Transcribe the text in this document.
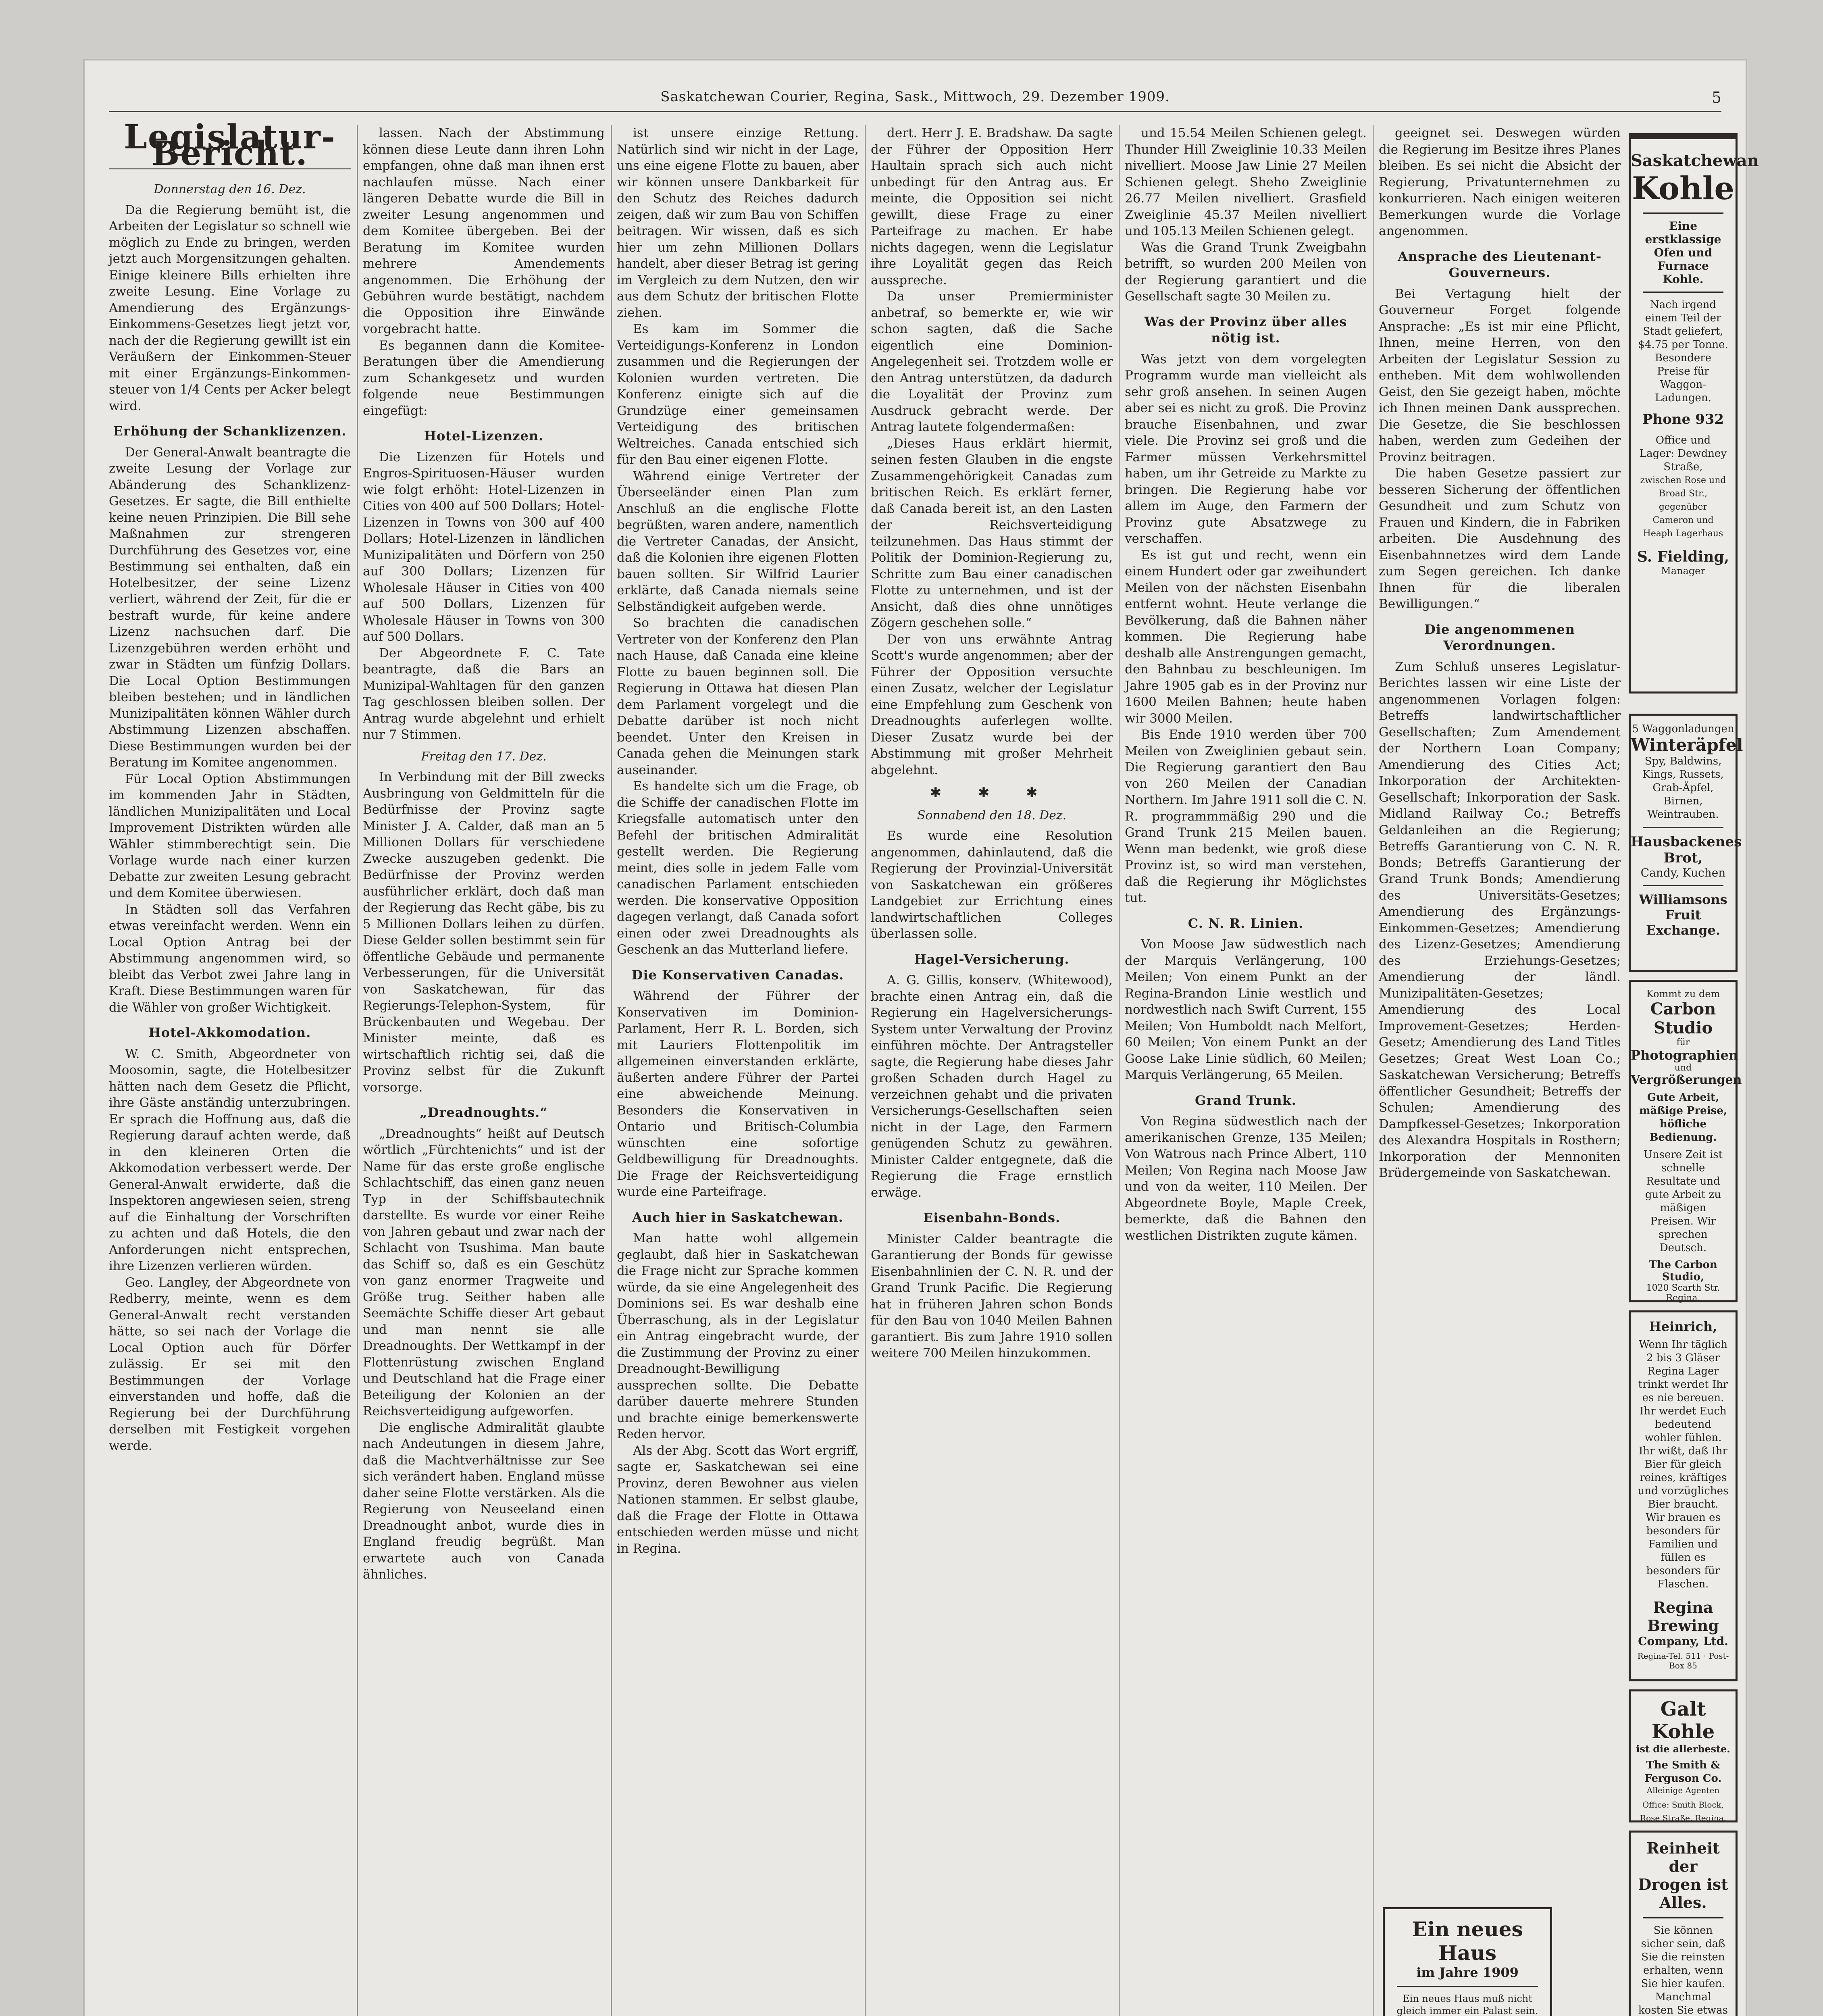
Saskatchewan Courier, Regina, Sask., Mittwoch, 29. Dezember 1909.	5
Legislatur-Bericht.
Donnerstag den 16. Dez.

Da die Regierung bemüht ist, die Arbeiten der Legislatur so schnell wie möglich zu Ende zu bringen, werden jetzt auch Morgensitzungen gehalten. Einige kleinere Bills erhielten ihre zweite Lesung. Eine Vorlage zu Amendierung des Ergänzungs-Einkommens-Gesetzes liegt jetzt vor, nach der die Regierung gewillt ist ein Veräußern der Einkommen-Steuer mit einer Ergänzungs-Einkommen-steuer von 1/4 Cents per Acker belegt wird.

Erhöhung der Schanklizenzen.

Der General-Anwalt beantragte die zweite Lesung der Vorlage zur Abänderung des Schanklizenz-Gesetzes. Er sagte, die Bill enthielte keine neuen Prinzipien. Die Bill sehe Maßnahmen zur strengeren Durchführung des Gesetzes vor, eine Bestimmung sei enthalten, daß ein Hotelbesitzer, der seine Lizenz verliert, während der Zeit, für die er bestraft wurde, für keine andere Lizenz nachsuchen darf. Die Lizenzgebühren werden erhöht und zwar in Städten um fünfzig Dollars. Die Local Option Bestimmungen bleiben bestehen; und in ländlichen Munizipalitäten können Wähler durch Abstimmung Lizenzen abschaffen. Diese Bestimmungen wurden bei der Beratung im Komitee angenommen.

Für Local Option Abstimmungen im kommenden Jahr in Städten, ländlichen Munizipalitäten und Local Improvement Distrikten würden alle Wähler stimmberechtigt sein. Die Vorlage wurde nach einer kurzen Debatte zur zweiten Lesung gebracht und dem Komitee überwiesen.

In Städten soll das Verfahren etwas vereinfacht werden. Wenn ein Local Option Antrag bei der Abstimmung angenommen wird, so bleibt das Verbot zwei Jahre lang in Kraft. Diese Bestimmungen waren für die Wähler von großer Wichtigkeit.

Hotel-Akkomodation.

W. C. Smith, Abgeordneter von Moosomin, sagte, die Hotelbesitzer hätten nach dem Gesetz die Pflicht, ihre Gäste anständig unterzubringen. Er sprach die Hoffnung aus, daß die Regierung darauf achten werde, daß in den kleineren Orten die Akkomodation verbessert werde. Der General-Anwalt erwiderte, daß die Inspektoren angewiesen seien, streng auf die Einhaltung der Vorschriften zu achten und daß Hotels, die den Anforderungen nicht entsprechen, ihre Lizenzen verlieren würden.

Geo. Langley, der Abgeordnete von Redberry, meinte, wenn es dem General-Anwalt recht verstanden hätte, so sei nach der Vorlage die Local Option auch für Dörfer zulässig. Er sei mit den Bestimmungen der Vorlage einverstanden und hoffe, daß die Regierung bei der Durchführung derselben mit Festigkeit vorgehen werde.

lassen. Nach der Abstimmung können diese Leute dann ihren Lohn empfangen, ohne daß man ihnen erst nachlaufen müsse. Nach einer längeren Debatte wurde die Bill in zweiter Lesung angenommen und dem Komitee übergeben. Bei der Beratung im Komitee wurden mehrere Amendements angenommen. Die Erhöhung der Gebühren wurde bestätigt, nachdem die Opposition ihre Einwände vorgebracht hatte.

Es begannen dann die Komitee-Beratungen über die Amendierung zum Schankgesetz und wurden folgende neue Bestimmungen eingefügt:

Hotel-Lizenzen.

Die Lizenzen für Hotels und Engros-Spirituosen-Häuser wurden wie folgt erhöht: Hotel-Lizenzen in Cities von 400 auf 500 Dollars; Hotel-Lizenzen in Towns von 300 auf 400 Dollars; Hotel-Lizenzen in ländlichen Munizipalitäten und Dörfern von 250 auf 300 Dollars; Lizenzen für Wholesale Häuser in Cities von 400 auf 500 Dollars, Lizenzen für Wholesale Häuser in Towns von 300 auf 500 Dollars.

Der Abgeordnete F. C. Tate beantragte, daß die Bars an Munizipal-Wahltagen für den ganzen Tag geschlossen bleiben sollen. Der Antrag wurde abgelehnt und erhielt nur 7 Stimmen.

Freitag den 17. Dez.

In Verbindung mit der Bill zwecks Ausbringung von Geldmitteln für die Bedürfnisse der Provinz sagte Minister J. A. Calder, daß man an 5 Millionen Dollars für verschiedene Zwecke auszugeben gedenkt. Die Bedürfnisse der Provinz werden ausführlicher erklärt, doch daß man der Regierung das Recht gäbe, bis zu 5 Millionen Dollars leihen zu dürfen. Diese Gelder sollen bestimmt sein für öffentliche Gebäude und permanente Verbesserungen, für die Universität von Saskatchewan, für das Regierungs-Telephon-System, für Brückenbauten und Wegebau. Der Minister meinte, daß es wirtschaftlich richtig sei, daß die Provinz selbst für die Zukunft vorsorge.

„Dreadnoughts.“

„Dreadnoughts“ heißt auf Deutsch wörtlich „Fürchtenichts“ und ist der Name für das erste große englische Schlachtschiff, das einen ganz neuen Typ in der Schiffsbautechnik darstellte. Es wurde vor einer Reihe von Jahren gebaut und zwar nach der Schlacht von Tsushima. Man baute das Schiff so, daß es ein Geschütz von ganz enormer Tragweite und Größe trug. Seither haben alle Seemächte Schiffe dieser Art gebaut und man nennt sie alle Dreadnoughts. Der Wettkampf in der Flottenrüstung zwischen England und Deutschland hat die Frage einer Beteiligung der Kolonien an der Reichsverteidigung aufgeworfen.

Die englische Admiralität glaubte nach Andeutungen in diesem Jahre, daß die Machtverhältnisse zur See sich verändert haben. England müsse daher seine Flotte verstärken. Als die Regierung von Neuseeland einen Dreadnought anbot, wurde dies in England freudig begrüßt. Man erwartete auch von Canada ähnliches.

ist unsere einzige Rettung. Natürlich sind wir nicht in der Lage, uns eine eigene Flotte zu bauen, aber wir können unsere Dankbarkeit für den Schutz des Reiches dadurch zeigen, daß wir zum Bau von Schiffen beitragen. Wir wissen, daß es sich hier um zehn Millionen Dollars handelt, aber dieser Betrag ist gering im Vergleich zu dem Nutzen, den wir aus dem Schutz der britischen Flotte ziehen.

Es kam im Sommer die Verteidigungs-Konferenz in London zusammen und die Regierungen der Kolonien wurden vertreten. Die Konferenz einigte sich auf die Grundzüge einer gemeinsamen Verteidigung des britischen Weltreiches. Canada entschied sich für den Bau einer eigenen Flotte.

Während einige Vertreter der Überseeländer einen Plan zum Anschluß an die englische Flotte begrüßten, waren andere, namentlich die Vertreter Canadas, der Ansicht, daß die Kolonien ihre eigenen Flotten bauen sollten. Sir Wilfrid Laurier erklärte, daß Canada niemals seine Selbständigkeit aufgeben werde.

So brachten die canadischen Vertreter von der Konferenz den Plan nach Hause, daß Canada eine kleine Flotte zu bauen beginnen soll. Die Regierung in Ottawa hat diesen Plan dem Parlament vorgelegt und die Debatte darüber ist noch nicht beendet. Unter den Kreisen in Canada gehen die Meinungen stark auseinander.

Es handelte sich um die Frage, ob die Schiffe der canadischen Flotte im Kriegsfalle automatisch unter den Befehl der britischen Admiralität gestellt werden. Die Regierung meint, dies solle in jedem Falle vom canadischen Parlament entschieden werden. Die konservative Opposition dagegen verlangt, daß Canada sofort einen oder zwei Dreadnoughts als Geschenk an das Mutterland liefere.

Die Konservativen Canadas.

Während der Führer der Konservativen im Dominion-Parlament, Herr R. L. Borden, sich mit Lauriers Flottenpolitik im allgemeinen einverstanden erklärte, äußerten andere Führer der Partei eine abweichende Meinung. Besonders die Konservativen in Ontario und Britisch-Columbia wünschten eine sofortige Geldbewilligung für Dreadnoughts. Die Frage der Reichsverteidigung wurde eine Parteifrage.

Auch hier in Saskatchewan.

Man hatte wohl allgemein geglaubt, daß hier in Saskatchewan die Frage nicht zur Sprache kommen würde, da sie eine Angelegenheit des Dominions sei. Es war deshalb eine Überraschung, als in der Legislatur ein Antrag eingebracht wurde, der die Zustimmung der Provinz zu einer Dreadnought-Bewilligung aussprechen sollte. Die Debatte darüber dauerte mehrere Stunden und brachte einige bemerkenswerte Reden hervor.

Als der Abg. Scott das Wort ergriff, sagte er, Saskatchewan sei eine Provinz, deren Bewohner aus vielen Nationen stammen. Er selbst glaube, daß die Frage der Flotte in Ottawa entschieden werden müsse und nicht in Regina.

dert. Herr J. E. Bradshaw. Da sagte der Führer der Opposition Herr Haultain sprach sich auch nicht unbedingt für den Antrag aus. Er meinte, die Opposition sei nicht gewillt, diese Frage zu einer Parteifrage zu machen. Er habe nichts dagegen, wenn die Legislatur ihre Loyalität gegen das Reich ausspreche.

Da unser Premierminister anbetraf, so bemerkte er, wie wir schon sagten, daß die Sache eigentlich eine Dominion-Angelegenheit sei. Trotzdem wolle er den Antrag unterstützen, da dadurch die Loyalität der Provinz zum Ausdruck gebracht werde. Der Antrag lautete folgendermaßen:

„Dieses Haus erklärt hiermit, seinen festen Glauben in die engste Zusammengehörigkeit Canadas zum britischen Reich. Es erklärt ferner, daß Canada bereit ist, an den Lasten der Reichsverteidigung teilzunehmen. Das Haus stimmt der Politik der Dominion-Regierung zu, Schritte zum Bau einer canadischen Flotte zu unternehmen, und ist der Ansicht, daß dies ohne unnötiges Zögern geschehen solle.“

Der von uns erwähnte Antrag Scott's wurde angenommen; aber der Führer der Opposition versuchte einen Zusatz, welcher der Legislatur eine Empfehlung zum Geschenk von Dreadnoughts auferlegen wollte. Dieser Zusatz wurde bei der Abstimmung mit großer Mehrheit abgelehnt.

✱ ✱ ✱
Sonnabend den 18. Dez.

Es wurde eine Resolution angenommen, dahinlautend, daß die Regierung der Provinzial-Universität von Saskatchewan ein größeres Landgebiet zur Errichtung eines landwirtschaftlichen Colleges überlassen solle.

Hagel-Versicherung.

A. G. Gillis, konserv. (Whitewood), brachte einen Antrag ein, daß die Regierung ein Hagelversicherungs-System unter Verwaltung der Provinz einführen möchte. Der Antragsteller sagte, die Regierung habe dieses Jahr großen Schaden durch Hagel zu verzeichnen gehabt und die privaten Versicherungs-Gesellschaften seien nicht in der Lage, den Farmern genügenden Schutz zu gewähren. Minister Calder entgegnete, daß die Regierung die Frage ernstlich erwäge.

Eisenbahn-Bonds.

Minister Calder beantragte die Garantierung der Bonds für gewisse Eisenbahnlinien der C. N. R. und der Grand Trunk Pacific. Die Regierung hat in früheren Jahren schon Bonds für den Bau von 1040 Meilen Bahnen garantiert. Bis zum Jahre 1910 sollen weitere 700 Meilen hinzukommen.

und 15.54 Meilen Schienen gelegt. Thunder Hill Zweiglinie 10.33 Meilen nivelliert. Moose Jaw Linie 27 Meilen Schienen gelegt. Sheho Zweiglinie 26.77 Meilen nivelliert. Grasfield Zweiglinie 45.37 Meilen nivelliert und 105.13 Meilen Schienen gelegt.

Was die Grand Trunk Zweigbahn betrifft, so wurden 200 Meilen von der Regierung garantiert und die Gesellschaft sagte 30 Meilen zu.

Was der Provinz über alles nötig ist.

Was jetzt von dem vorgelegten Programm wurde man vielleicht als sehr groß ansehen. In seinen Augen aber sei es nicht zu groß. Die Provinz brauche Eisenbahnen, und zwar viele. Die Provinz sei groß und die Farmer müssen Verkehrsmittel haben, um ihr Getreide zu Markte zu bringen. Die Regierung habe vor allem im Auge, den Farmern der Provinz gute Absatzwege zu verschaffen.

Es ist gut und recht, wenn ein einem Hundert oder gar zweihundert Meilen von der nächsten Eisenbahn entfernt wohnt. Heute verlange die Bevölkerung, daß die Bahnen näher kommen. Die Regierung habe deshalb alle Anstrengungen gemacht, den Bahnbau zu beschleunigen. Im Jahre 1905 gab es in der Provinz nur 1600 Meilen Bahnen; heute haben wir 3000 Meilen.

Bis Ende 1910 werden über 700 Meilen von Zweiglinien gebaut sein. Die Regierung garantiert den Bau von 260 Meilen der Canadian Northern. Im Jahre 1911 soll die C. N. R. programmmäßig 290 und die Grand Trunk 215 Meilen bauen. Wenn man bedenkt, wie groß diese Provinz ist, so wird man verstehen, daß die Regierung ihr Möglichstes tut.

C. N. R. Linien.

Von Moose Jaw südwestlich nach der Marquis Verlängerung, 100 Meilen; Von einem Punkt an der Regina-Brandon Linie westlich und nordwestlich nach Swift Current, 155 Meilen; Von Humboldt nach Melfort, 60 Meilen; Von einem Punkt an der Goose Lake Linie südlich, 60 Meilen; Marquis Verlängerung, 65 Meilen.

Grand Trunk.

Von Regina südwestlich nach der amerikanischen Grenze, 135 Meilen; Von Watrous nach Prince Albert, 110 Meilen; Von Regina nach Moose Jaw und von da weiter, 110 Meilen. Der Abgeordnete Boyle, Maple Creek, bemerkte, daß die Bahnen den westlichen Distrikten zugute kämen.

geeignet sei. Deswegen würden die Regierung im Besitze ihres Planes bleiben. Es sei nicht die Absicht der Regierung, Privatunternehmen zu konkurrieren. Nach einigen weiteren Bemerkungen wurde die Vorlage angenommen.

Ansprache des Lieutenant-Gouverneurs.

Bei Vertagung hielt der Gouverneur Forget folgende Ansprache: „Es ist mir eine Pflicht, Ihnen, meine Herren, von den Arbeiten der Legislatur Session zu entheben. Mit dem wohlwollenden Geist, den Sie gezeigt haben, möchte ich Ihnen meinen Dank aussprechen. Die Gesetze, die Sie beschlossen haben, werden zum Gedeihen der Provinz beitragen.

Die haben Gesetze passiert zur besseren Sicherung der öffentlichen Gesundheit und zum Schutz von Frauen und Kindern, die in Fabriken arbeiten. Die Ausdehnung des Eisenbahnnetzes wird dem Lande zum Segen gereichen. Ich danke Ihnen für die liberalen Bewilligungen.“

Die angenommenen Verordnungen.

Zum Schluß unseres Legislatur-Berichtes lassen wir eine Liste der angenommenen Vorlagen folgen: Betreffs landwirtschaftlicher Gesellschaften; Zum Amendement der Northern Loan Company; Amendierung des Cities Act; Inkorporation der Architekten-Gesellschaft; Inkorporation der Sask. Midland Railway Co.; Betreffs Geldanleihen an die Regierung; Betreffs Garantierung von C. N. R. Bonds; Betreffs Garantierung der Grand Trunk Bonds; Amendierung des Universitäts-Gesetzes; Amendierung des Ergänzungs-Einkommen-Gesetzes; Amendierung des Lizenz-Gesetzes; Amendierung des Erziehungs-Gesetzes; Amendierung der ländl. Munizipalitäten-Gesetzes; Amendierung des Local Improvement-Gesetzes; Herden-Gesetz; Amendierung des Land Titles Gesetzes; Great West Loan Co.; Saskatchewan Versicherung; Betreffs öffentlicher Gesundheit; Betreffs der Schulen; Amendierung des Dampfkessel-Gesetzes; Inkorporation des Alexandra Hospitals in Rosthern; Inkorporation der Mennoniten Brüdergemeinde von Saskatchewan.

Ein neues Haus
im Jahre 1909
Ein neues Haus muß nicht gleich immer ein Palast sein.
Saskatchewan
Kohle
Eine erstklassige Ofen und Furnace Kohle.
Nach irgend einem Teil der Stadt geliefert, $4.75 per Tonne. Besondere Preise für Waggon-Ladungen.
Phone 932
Office und Lager: Dewdney Straße,
zwischen Rose und Broad Str., gegenüber Cameron und Heaph Lagerhaus
S. Fielding,
Manager
5 Waggonladungen
Winteräpfel
Spy, Baldwins, Kings, Russets, Grab-Äpfel, Birnen, Weintrauben.
Hausbackenes Brot,
Candy, Kuchen
Williamsons Fruit Exchange.
Kommt zu dem
Carbon Studio
für
Photographien
und
Vergrößerungen
Gute Arbeit, mäßige Preise, höfliche Bedienung.
Unsere Zeit ist schnelle Resultate und gute Arbeit zu mäßigen Preisen. Wir sprechen Deutsch.
The Carbon Studio,
1020 Scarth Str. Regina.
Heinrich,
Wenn Ihr täglich 2 bis 3 Gläser Regina Lager trinkt werdet Ihr es nie bereuen. Ihr werdet Euch bedeutend wohler fühlen. Ihr wißt, daß Ihr Bier für gleich reines, kräftiges und vorzügliches Bier braucht. Wir brauen es besonders für Familien und füllen es besonders für Flaschen.
Regina Brewing
Company, Ltd.
Regina-Tel. 511 · Post-Box 85
Galt Kohle
ist die allerbeste.
The Smith & Ferguson Co.
Alleinige Agenten
Office: Smith Block, Rose Straße, Regina.
Reinheit der
Drogen ist Alles.
Sie können sicher sein, daß Sie die reinsten erhalten, wenn Sie hier kaufen. Manchmal kosten Sie etwas
